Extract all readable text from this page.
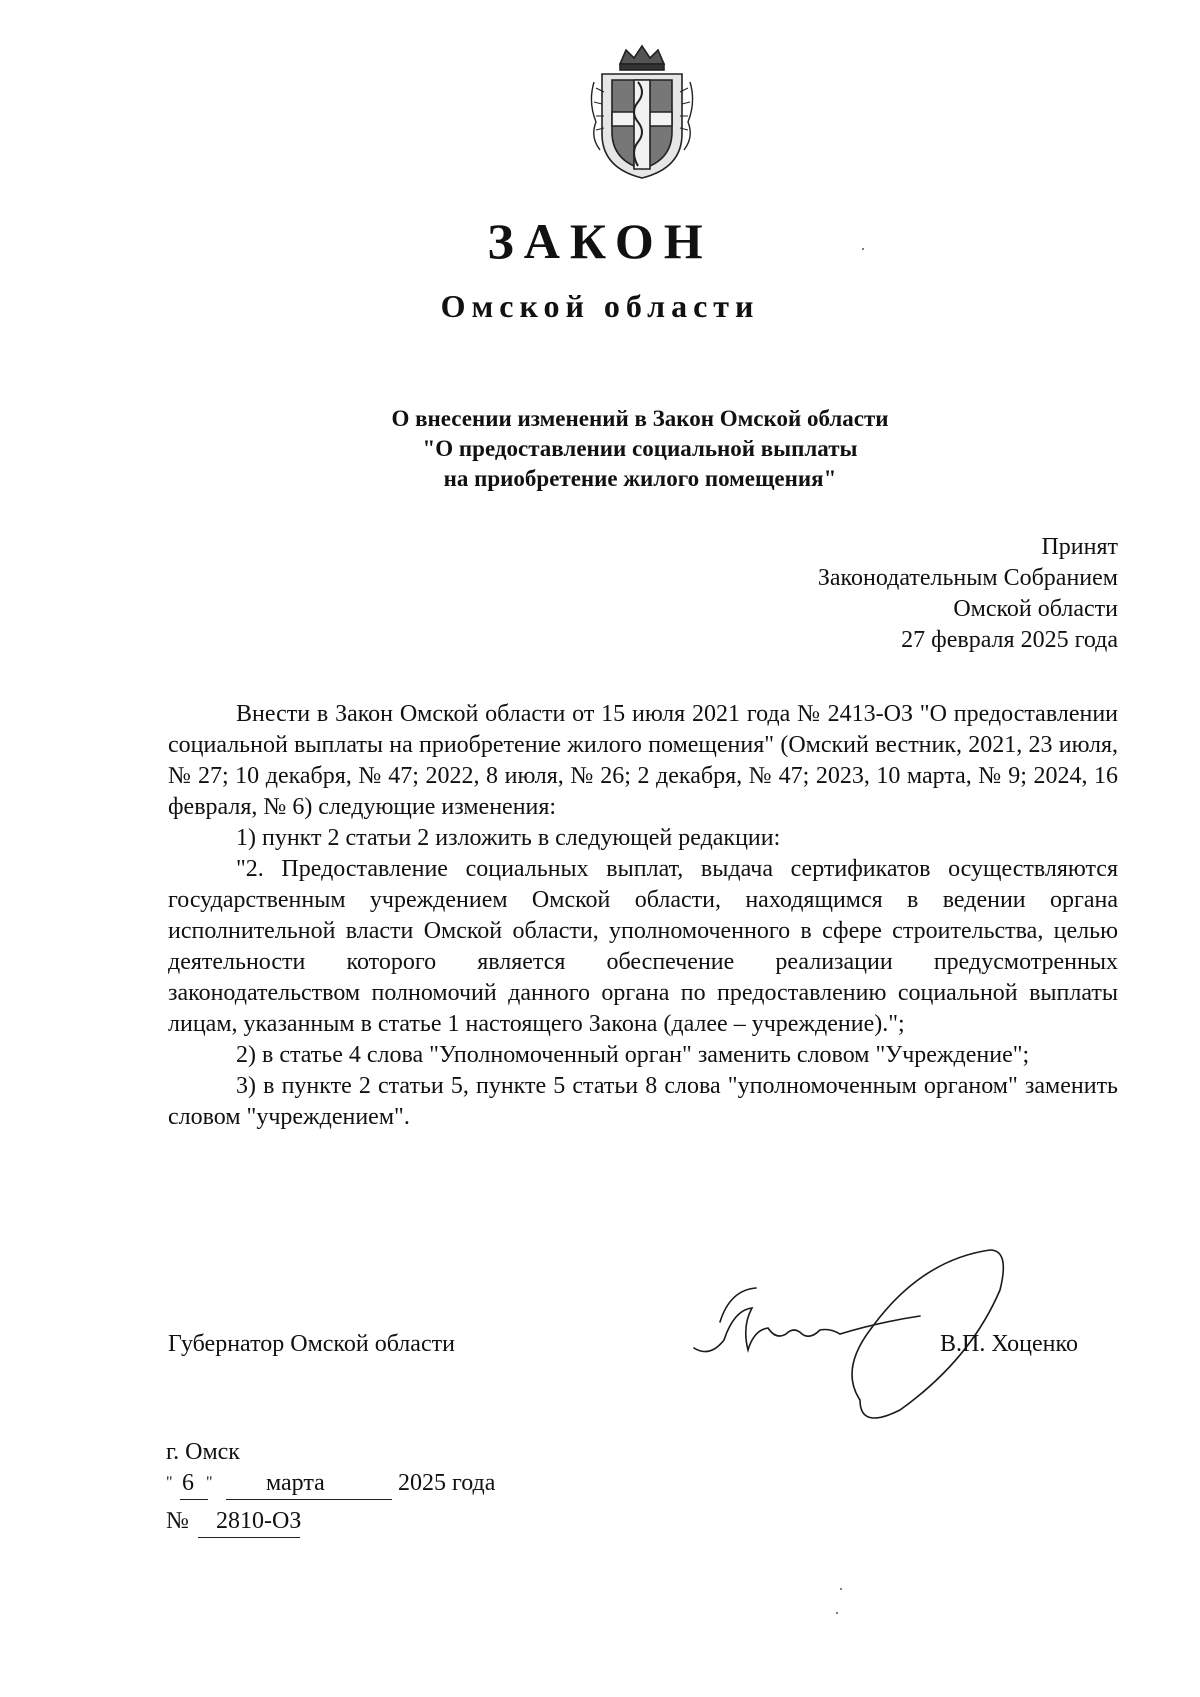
ЗАКОН
Омской области
О внесении изменений в Закон Омской области
"О предоставлении социальной выплаты
на приобретение жилого помещения"
Принят
Законодательным Собранием
Омской области
27 февраля 2025 года

Внести в Закон Омской области от 15 июля 2021 года № 2413-ОЗ "О предоставлении социальной выплаты на приобретение жилого помещения" (Омский вестник, 2021, 23 июля, № 27; 10 декабря, № 47; 2022, 8 июля, № 26; 2 декабря, № 47; 2023, 10 марта, № 9; 2024, 16 февраля, № 6) следующие изменения:

1) пункт 2 статьи 2 изложить в следующей редакции:

"2. Предоставление социальных выплат, выдача сертификатов осуществляются государственным учреждением Омской области, находящимся в ведении органа исполнительной власти Омской области, уполномоченного в сфере строительства, целью деятельности которого является обеспечение реализации предусмотренных законодательством полномочий данного органа по предоставлению социальной выплаты лицам, указанным в статье 1 настоящего Закона (далее – учреждение).";

2) в статье 4 слова "Уполномоченный орган" заменить словом "Учреждение";

3) в пункте 2 статьи 5, пункте 5 статьи 8 слова "уполномоченным органом" заменить словом "учреждением".

Губернатор Омской области	В.П. Хоценко
г. Омск
" 6 " марта	2025 года
№ 2810-ОЗ
